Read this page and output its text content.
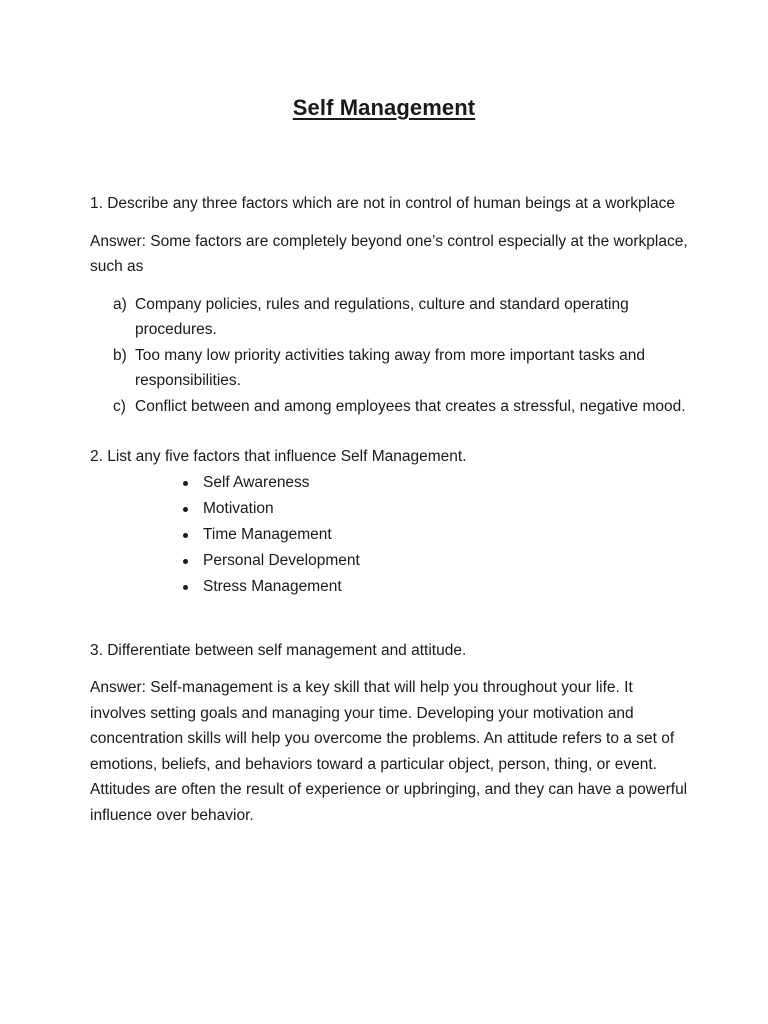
Self Management

1. Describe any three factors which are not in control of human beings at a workplace

Answer: Some factors are completely beyond one’s control especially at the workplace, such as

a) Company policies, rules and regulations, culture and standard operating procedures.
b) Too many low priority activities taking away from more important tasks and responsibilities.
c) Conflict between and among employees that creates a stressful, negative mood.

2. List any five factors that influence Self Management.

Self Awareness
Motivation
Time Management
Personal Development
Stress Management

3. Differentiate between self management and attitude.

Answer: Self-management is a key skill that will help you throughout your life. It involves setting goals and managing your time. Developing your motivation and concentration skills will help you overcome the problems. An attitude refers to a set of emotions, beliefs, and behaviors toward a particular object, person, thing, or event. Attitudes are often the result of experience or upbringing, and they can have a powerful influence over behavior.
